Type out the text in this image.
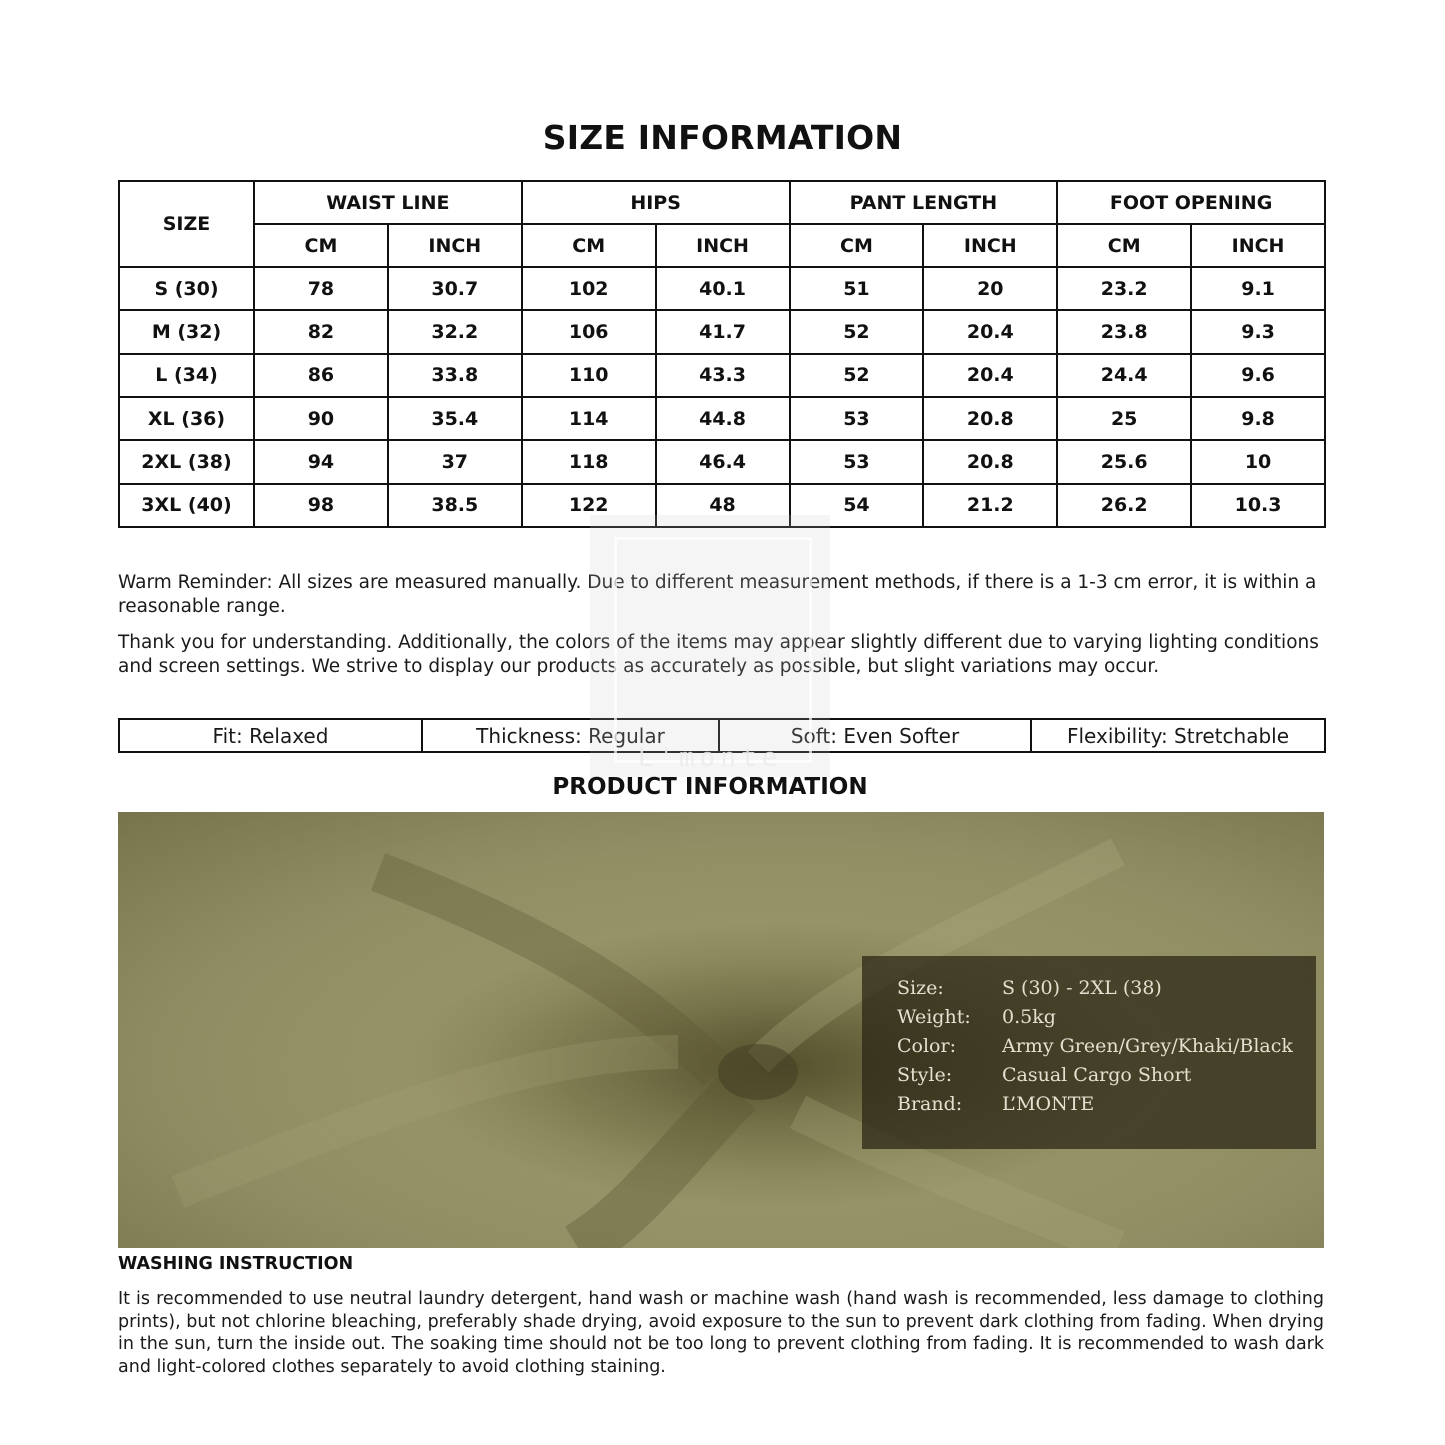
SIZE INFORMATION
SIZE	WAIST LINE		HIPS		PANT LENGTH		FOOT OPENING	
	CM	INCH	CM	INCH	CM	INCH	CM	INCH
S (30)	78	30.7	102	40.1	51	20	23.2	9.1
M (32)	82	32.2	106	41.7	52	20.4	23.8	9.3
L (34)	86	33.8	110	43.3	52	20.4	24.4	9.6
XL (36)	90	35.4	114	44.8	53	20.8	25	9.8
2XL (38)	94	37	118	46.4	53	20.8	25.6	10
3XL (40)	98	38.5	122	48	54	21.2	26.2	10.3
Warm Reminder: All sizes are measured manually. Due to different measurement methods, if there is a 1-3 cm error, it is within a reasonable range.
Thank you for understanding. Additionally, the colors of the items may appear slightly different due to varying lighting conditions and screen settings. We strive to display our products as accurately as possible, but slight variations may occur.
Fit: Relaxed	Thickness: Regular	Soft: Even Softer	Flexibility: Stretchable
L'monte
PRODUCT INFORMATION
Size:	S (30) - 2XL (38)
Weight:	0.5kg
Color:	Army Green/Grey/Khaki/Black
Style:	Casual Cargo Short
Brand:	L’MONTE
WASHING INSTRUCTION
It is recommended to use neutral laundry detergent, hand wash or machine wash (hand wash is recommended, less damage to clothing prints), but not chlorine bleaching, preferably shade drying, avoid exposure to the sun to prevent dark clothing from fading. When drying in the sun, turn the inside out. The soaking time should not be too long to prevent clothing from fading. It is recommended to wash dark and light-colored clothes separately to avoid clothing staining.
